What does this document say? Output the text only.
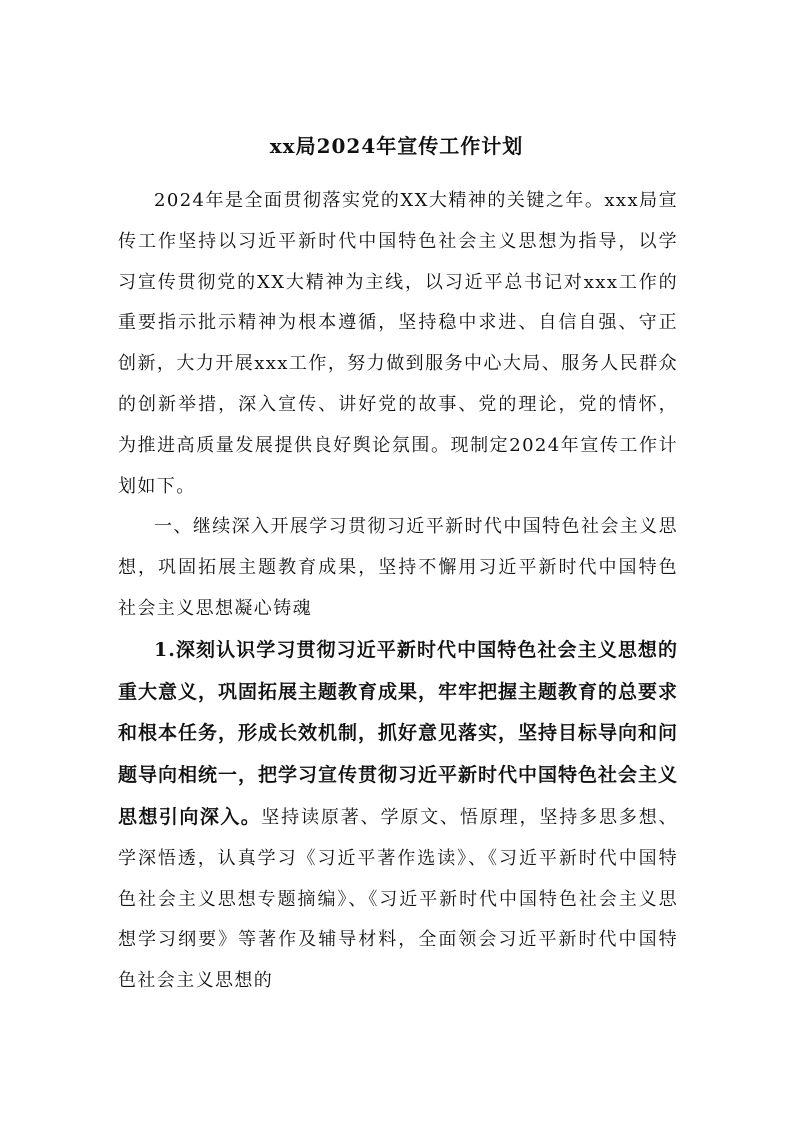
xx局2024年宣传工作计划

2024年是全面贯彻落实党的XX大精神的关键之年。xxx局宣传工作坚持以习近平新时代中国特色社会主义思想为指导，以学习宣传贯彻党的XX大精神为主线，以习近平总书记对xxx工作的重要指示批示精神为根本遵循，坚持稳中求进、自信自强、守正创新，大力开展xxx工作，努力做到服务中心大局、服务人民群众的创新举措，深入宣传、讲好党的故事、党的理论，党的情怀，为推进高质量发展提供良好舆论氛围。现制定2024年宣传工作计划如下。

一、继续深入开展学习贯彻习近平新时代中国特色社会主义思想，巩固拓展主题教育成果，坚持不懈用习近平新时代中国特色社会主义思想凝心铸魂

1.深刻认识学习贯彻习近平新时代中国特色社会主义思想的重大意义，巩固拓展主题教育成果，牢牢把握主题教育的总要求和根本任务，形成长效机制，抓好意见落实，坚持目标导向和问题导向相统一，把学习宣传贯彻习近平新时代中国特色社会主义思想引向深入。坚持读原著、学原文、悟原理，坚持多思多想、学深悟透，认真学习《习近平著作选读》、《习近平新时代中国特色社会主义思想专题摘编》、《习近平新时代中国特色社会主义思想学习纲要》等著作及辅导材料，全面领会习近平新时代中国特色社会主义思想的
